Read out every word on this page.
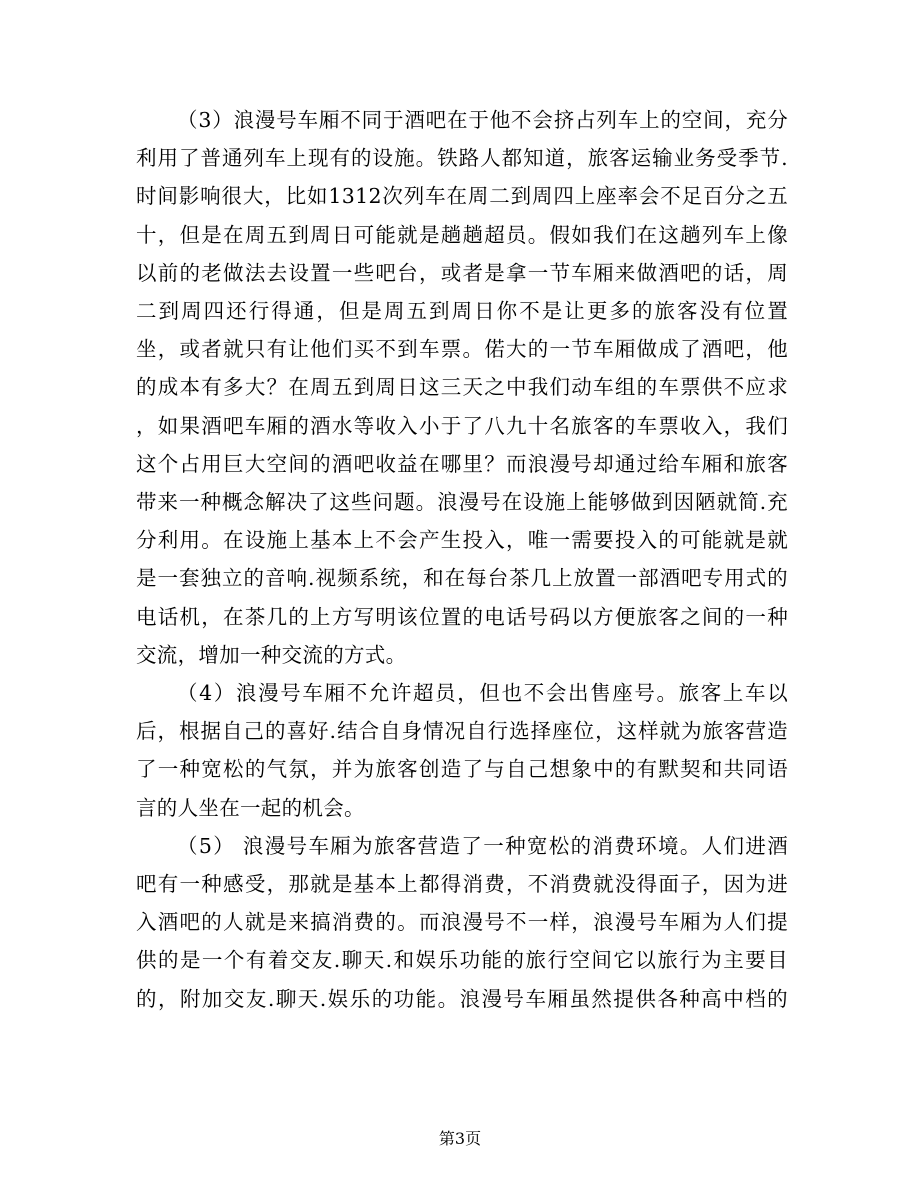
（3）浪漫号车厢不同于酒吧在于他不会挤占列车上的空间，充分
利用了普通列车上现有的设施。铁路人都知道，旅客运输业务受季节.
时间影响很大，比如1312次列车在周二到周四上座率会不足百分之五
十，但是在周五到周日可能就是趟趟超员。假如我们在这趟列车上像
以前的老做法去设置一些吧台，或者是拿一节车厢来做酒吧的话，周
二到周四还行得通，但是周五到周日你不是让更多的旅客没有位置
坐，或者就只有让他们买不到车票。偌大的一节车厢做成了酒吧，他
的成本有多大？在周五到周日这三天之中我们动车组的车票供不应求
，如果酒吧车厢的酒水等收入小于了八九十名旅客的车票收入，我们
这个占用巨大空间的酒吧收益在哪里？而浪漫号却通过给车厢和旅客
带来一种概念解决了这些问题。浪漫号在设施上能够做到因陋就简.充
分利用。在设施上基本上不会产生投入，唯一需要投入的可能就是就
是一套独立的音响.视频系统，和在每台茶几上放置一部酒吧专用式的
电话机，在茶几的上方写明该位置的电话号码以方便旅客之间的一种
交流，增加一种交流的方式。

（4）浪漫号车厢不允许超员，但也不会出售座号。旅客上车以
后，根据自己的喜好.结合自身情况自行选择座位，这样就为旅客营造
了一种宽松的气氛，并为旅客创造了与自己想象中的有默契和共同语
言的人坐在一起的机会。

（5） 浪漫号车厢为旅客营造了一种宽松的消费环境。人们进酒
吧有一种感受，那就是基本上都得消费，不消费就没得面子，因为进
入酒吧的人就是来搞消费的。而浪漫号不一样，浪漫号车厢为人们提
供的是一个有着交友.聊天.和娱乐功能的旅行空间它以旅行为主要目
的，附加交友.聊天.娱乐的功能。浪漫号车厢虽然提供各种高中档的

第3页
